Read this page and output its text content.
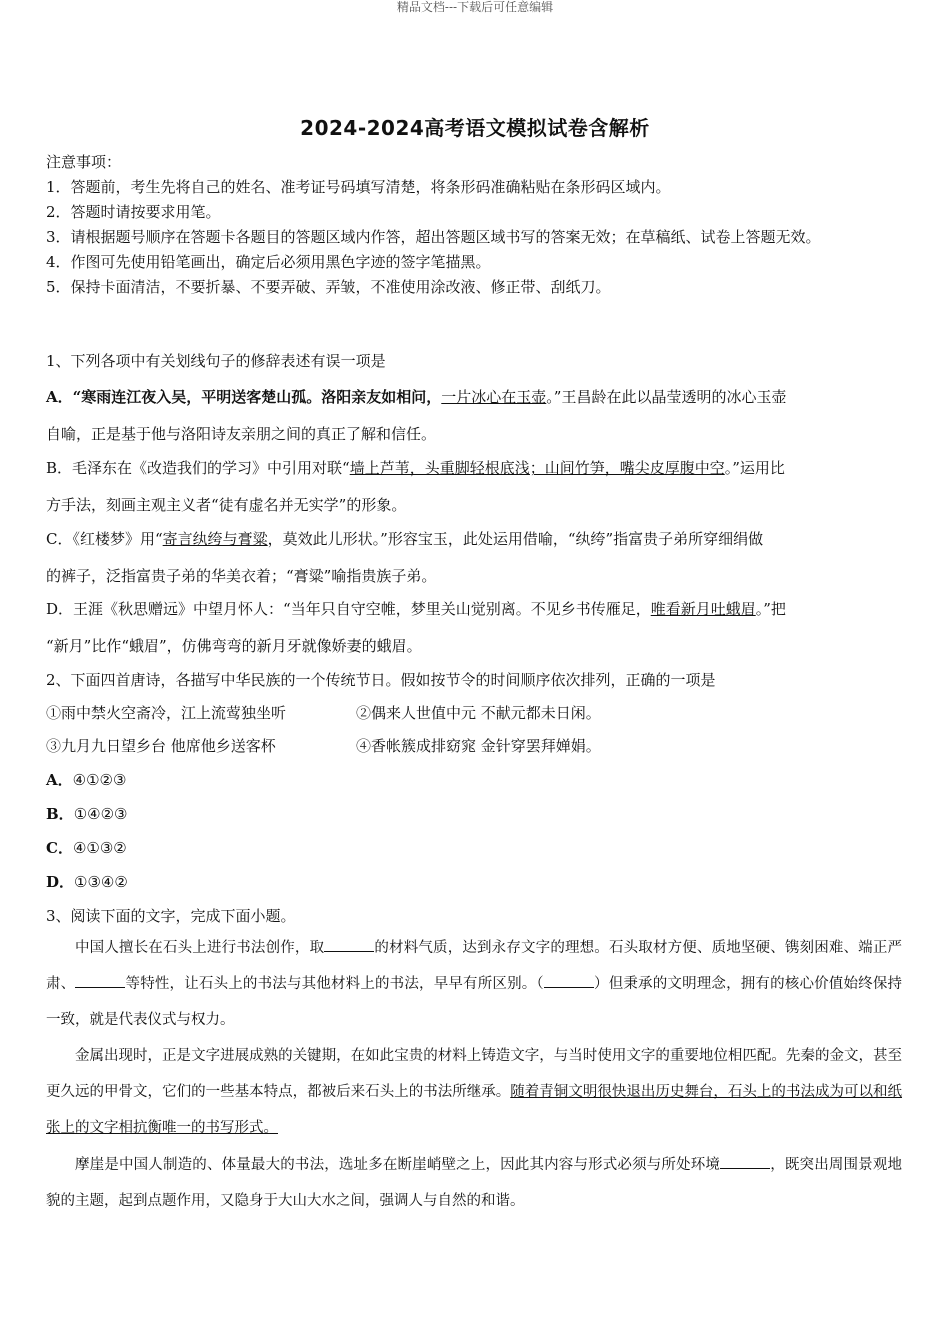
精品文档---下载后可任意编辑
2024-2024高考语文模拟试卷含解析
注意事项：
1．答题前，考生先将自己的姓名、准考证号码填写清楚，将条形码准确粘贴在条形码区域内。
2．答题时请按要求用笔。
3．请根据题号顺序在答题卡各题目的答题区域内作答，超出答题区域书写的答案无效；在草稿纸、试卷上答题无效。
4．作图可先使用铅笔画出，确定后必须用黑色字迹的签字笔描黑。
5．保持卡面清洁，不要折暴、不要弄破、弄皱，不准使用涂改液、修正带、刮纸刀。
1、下列各项中有关划线句子的修辞表述有误一项是
A．“寒雨连江夜入吴，平明送客楚山孤。洛阳亲友如相问，一片冰心在玉壶。”王昌龄在此以晶莹透明的冰心玉壶
自喻，正是基于他与洛阳诗友亲朋之间的真正了解和信任。
B．毛泽东在《改造我们的学习》中引用对联“墙上芦苇，头重脚轻根底浅；山间竹笋，嘴尖皮厚腹中空。”运用比
方手法，刻画主观主义者“徒有虚名并无实学”的形象。
C．《红楼梦》用“寄言纨绔与膏粱，莫效此儿形状。”形容宝玉，此处运用借喻，“纨绔”指富贵子弟所穿细绢做
的裤子，泛指富贵子弟的华美衣着；“膏粱”喻指贵族子弟。
D．王涯《秋思赠远》中望月怀人：“当年只自守空帷，梦里关山觉别离。不见乡书传雁足，唯看新月吐蛾眉。”把
“新月”比作“蛾眉”，仿佛弯弯的新月牙就像娇妻的蛾眉。
2、下面四首唐诗，各描写中华民族的一个传统节日。假如按节令的时间顺序依次排列，正确的一项是
①雨中禁火空斋冷，江上流莺独坐听	②偶来人世值中元 不献元都未日闲。
③九月九日望乡台 他席他乡送客杯	④香帐簇成排窈窕 金针穿罢拜婵娟。
A．④①②③
B．①④②③
C．④①③②
D．①③④②
3、阅读下面的文字，完成下面小题。
中国人擅长在石头上进行书法创作，取	的材料气质，达到永存文字的理想。石头取材方便、质地坚硬、镌刻困难、端正严肃、	等特性，让石头上的书法与其他材料上的书法，早早有所区别。（	）但秉承的文明理念，拥有的核心价值始终保持一致，就是代表仪式与权力。
金属出现时，正是文字进展成熟的关键期，在如此宝贵的材料上铸造文字，与当时使用文字的重要地位相匹配。先秦的金文，甚至更久远的甲骨文，它们的一些基本特点，都被后来石头上的书法所继承。随着青铜文明很快退出历史舞台，石头上的书法成为可以和纸张上的文字相抗衡唯一的书写形式。
摩崖是中国人制造的、体量最大的书法，选址多在断崖峭壁之上，因此其内容与形式必须与所处环境	，既突出周围景观地貌的主题，起到点题作用，又隐身于大山大水之间，强调人与自然的和谐。
